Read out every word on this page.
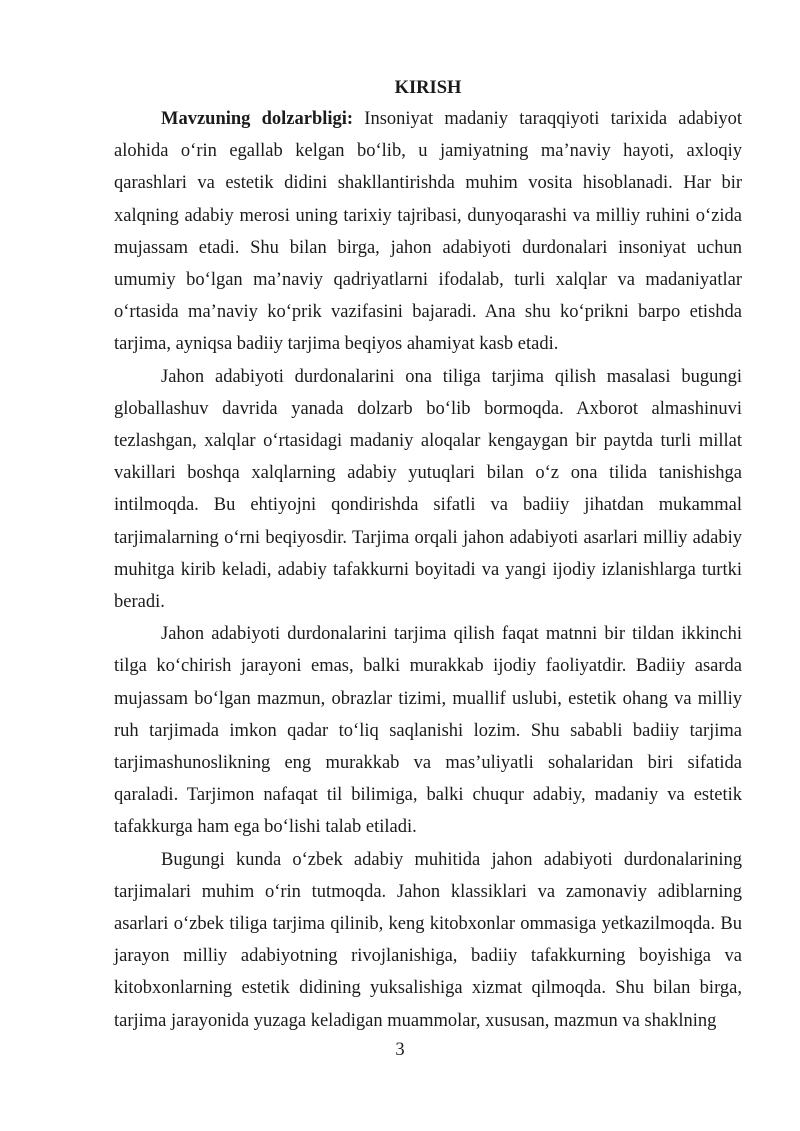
KIRISH

Mavzuning dolzarbligi: Insoniyat madaniy taraqqiyoti tarixida adabiyot alohida o‘rin egallab kelgan bo‘lib, u jamiyatning ma’naviy hayoti, axloqiy qarashlari va estetik didini shakllantirishda muhim vosita hisoblanadi. Har bir xalqning adabiy merosi uning tarixiy tajribasi, dunyoqarashi va milliy ruhini o‘zida mujassam etadi. Shu bilan birga, jahon adabiyoti durdonalari insoniyat uchun umumiy bo‘lgan ma’naviy qadriyatlarni ifodalab, turli xalqlar va madaniyatlar o‘rtasida ma’naviy ko‘prik vazifasini bajaradi. Ana shu ko‘prikni barpo etishda tarjima, ayniqsa badiiy tarjima beqiyos ahamiyat kasb etadi.

Jahon adabiyoti durdonalarini ona tiliga tarjima qilish masalasi bugungi globallashuv davrida yanada dolzarb bo‘lib bormoqda. Axborot almashinuvi tezlashgan, xalqlar o‘rtasidagi madaniy aloqalar kengaygan bir paytda turli millat vakillari boshqa xalqlarning adabiy yutuqlari bilan o‘z ona tilida tanishishga intilmoqda. Bu ehtiyojni qondirishda sifatli va badiiy jihatdan mukammal tarjimalarning o‘rni beqiyosdir. Tarjima orqali jahon adabiyoti asarlari milliy adabiy muhitga kirib keladi, adabiy tafakkurni boyitadi va yangi ijodiy izlanishlarga turtki beradi.

Jahon adabiyoti durdonalarini tarjima qilish faqat matnni bir tildan ikkinchi tilga ko‘chirish jarayoni emas, balki murakkab ijodiy faoliyatdir. Badiiy asarda mujassam bo‘lgan mazmun, obrazlar tizimi, muallif uslubi, estetik ohang va milliy ruh tarjimada imkon qadar to‘liq saqlanishi lozim. Shu sababli badiiy tarjima tarjimashunoslikning eng murakkab va mas’uliyatli sohalaridan biri sifatida qaraladi. Tarjimon nafaqat til bilimiga, balki chuqur adabiy, madaniy va estetik tafakkurga ham ega bo‘lishi talab etiladi.

Bugungi kunda o‘zbek adabiy muhitida jahon adabiyoti durdonalarining tarjimalari muhim o‘rin tutmoqda. Jahon klassiklari va zamonaviy adiblarning asarlari o‘zbek tiliga tarjima qilinib, keng kitobxonlar ommasiga yetkazilmoqda. Bu jarayon milliy adabiyotning rivojlanishiga, badiiy tafakkurning boyishiga va kitobxonlarning estetik didining yuksalishiga xizmat qilmoqda. Shu bilan birga, tarjima jarayonida yuzaga keladigan muammolar, xususan, mazmun va shaklning

3
